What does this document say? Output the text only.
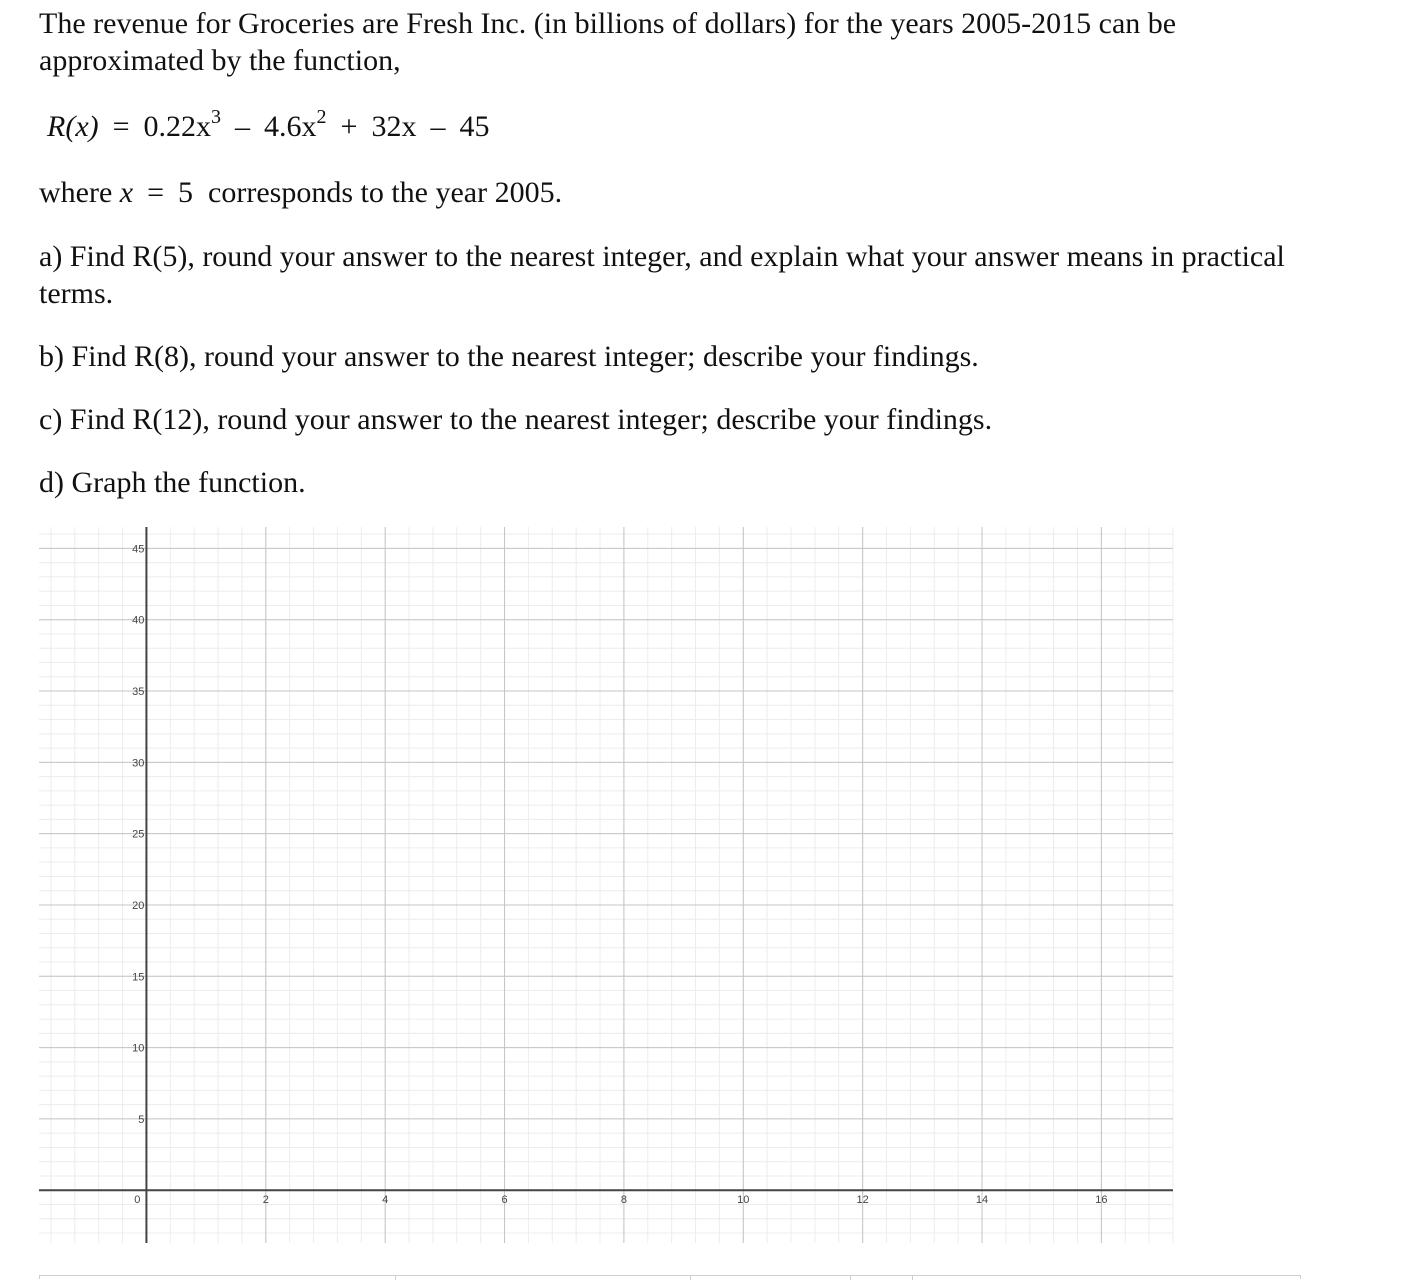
The revenue for Groceries are Fresh Inc. (in billions of dollars) for the years 2005-2015 can be approximated by the function,

$R(x) = 0.22x^3 - 4.6x^2 + 32x - 45$

where x = 5 corresponds to the year 2005.

a) Find R(5), round your answer to the nearest integer, and explain what your answer means in practical terms.

b) Find R(8), round your answer to the nearest integer; describe your findings.

c) Find R(12), round your answer to the nearest integer; describe your findings.

d) Graph the function.

0	2	4	6	8	10	12	14	16
5
10
15
20
25
30
35
40
45
